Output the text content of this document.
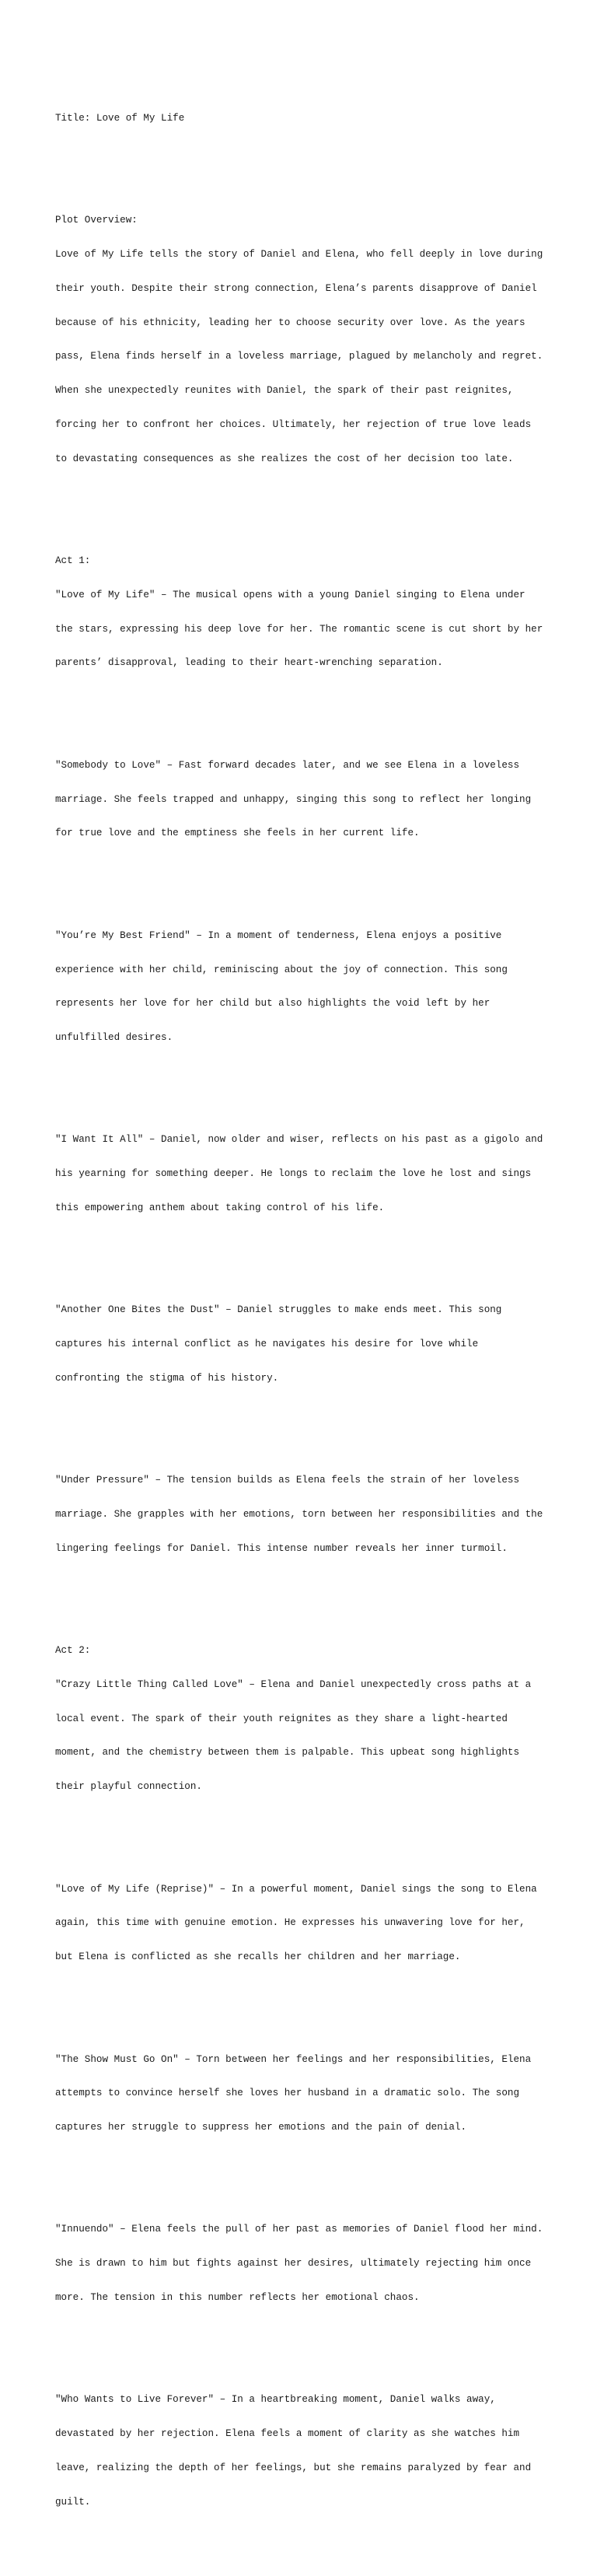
Title: Love of My Life

Plot Overview:

Love of My Life tells the story of Daniel and Elena, who fell deeply in love during

their youth. Despite their strong connection, Elena’s parents disapprove of Daniel

because of his ethnicity, leading her to choose security over love. As the years

pass, Elena finds herself in a loveless marriage, plagued by melancholy and regret.

When she unexpectedly reunites with Daniel, the spark of their past reignites,

forcing her to confront her choices. Ultimately, her rejection of true love leads

to devastating consequences as she realizes the cost of her decision too late.

Act 1:

"Love of My Life" – The musical opens with a young Daniel singing to Elena under

the stars, expressing his deep love for her. The romantic scene is cut short by her

parents’ disapproval, leading to their heart-wrenching separation.

"Somebody to Love" – Fast forward decades later, and we see Elena in a loveless

marriage. She feels trapped and unhappy, singing this song to reflect her longing

for true love and the emptiness she feels in her current life.

"You’re My Best Friend" – In a moment of tenderness, Elena enjoys a positive

experience with her child, reminiscing about the joy of connection. This song

represents her love for her child but also highlights the void left by her

unfulfilled desires.

"I Want It All" – Daniel, now older and wiser, reflects on his past as a gigolo and

his yearning for something deeper. He longs to reclaim the love he lost and sings

this empowering anthem about taking control of his life.

"Another One Bites the Dust" – Daniel struggles to make ends meet. This song

captures his internal conflict as he navigates his desire for love while

confronting the stigma of his history.

"Under Pressure" – The tension builds as Elena feels the strain of her loveless

marriage. She grapples with her emotions, torn between her responsibilities and the

lingering feelings for Daniel. This intense number reveals her inner turmoil.

Act 2:

"Crazy Little Thing Called Love" – Elena and Daniel unexpectedly cross paths at a

local event. The spark of their youth reignites as they share a light-hearted

moment, and the chemistry between them is palpable. This upbeat song highlights

their playful connection.

"Love of My Life (Reprise)" – In a powerful moment, Daniel sings the song to Elena

again, this time with genuine emotion. He expresses his unwavering love for her,

but Elena is conflicted as she recalls her children and her marriage.

"The Show Must Go On" – Torn between her feelings and her responsibilities, Elena

attempts to convince herself she loves her husband in a dramatic solo. The song

captures her struggle to suppress her emotions and the pain of denial.

"Innuendo" – Elena feels the pull of her past as memories of Daniel flood her mind.

She is drawn to him but fights against her desires, ultimately rejecting him once

more. The tension in this number reflects her emotional chaos.

"Who Wants to Live Forever" – In a heartbreaking moment, Daniel walks away,

devastated by her rejection. Elena feels a moment of clarity as she watches him

leave, realizing the depth of her feelings, but she remains paralyzed by fear and

guilt.
